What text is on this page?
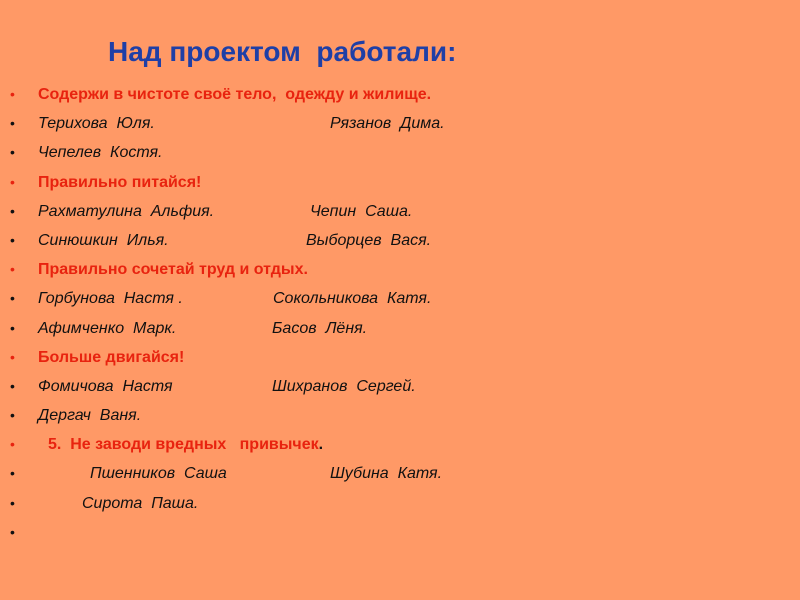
Над проектом  работали:
• Содержи в чистоте своё тело,  одежду и жилище.
• Терихова  Юля.	Рязанов  Дима.
• Чепелев  Костя.
• Правильно питайся!
• Рахматулина  Альфия.	Чепин  Саша.
• Синюшкин  Илья.	Выборцев  Вася.
• Правильно сочетай труд и отдых.
• Горбунова  Настя .	Сокольникова  Катя.
• Афимченко  Марк.	Басов  Лёня.
• Больше двигайся!
• Фомичова  Настя	Шихранов  Сергей.
• Дергач  Ваня.
• 5.  Не заводи вредных   привычек.
•	Пшенников  Саша	Шубина  Катя.
•	Сирота  Паша.
•
